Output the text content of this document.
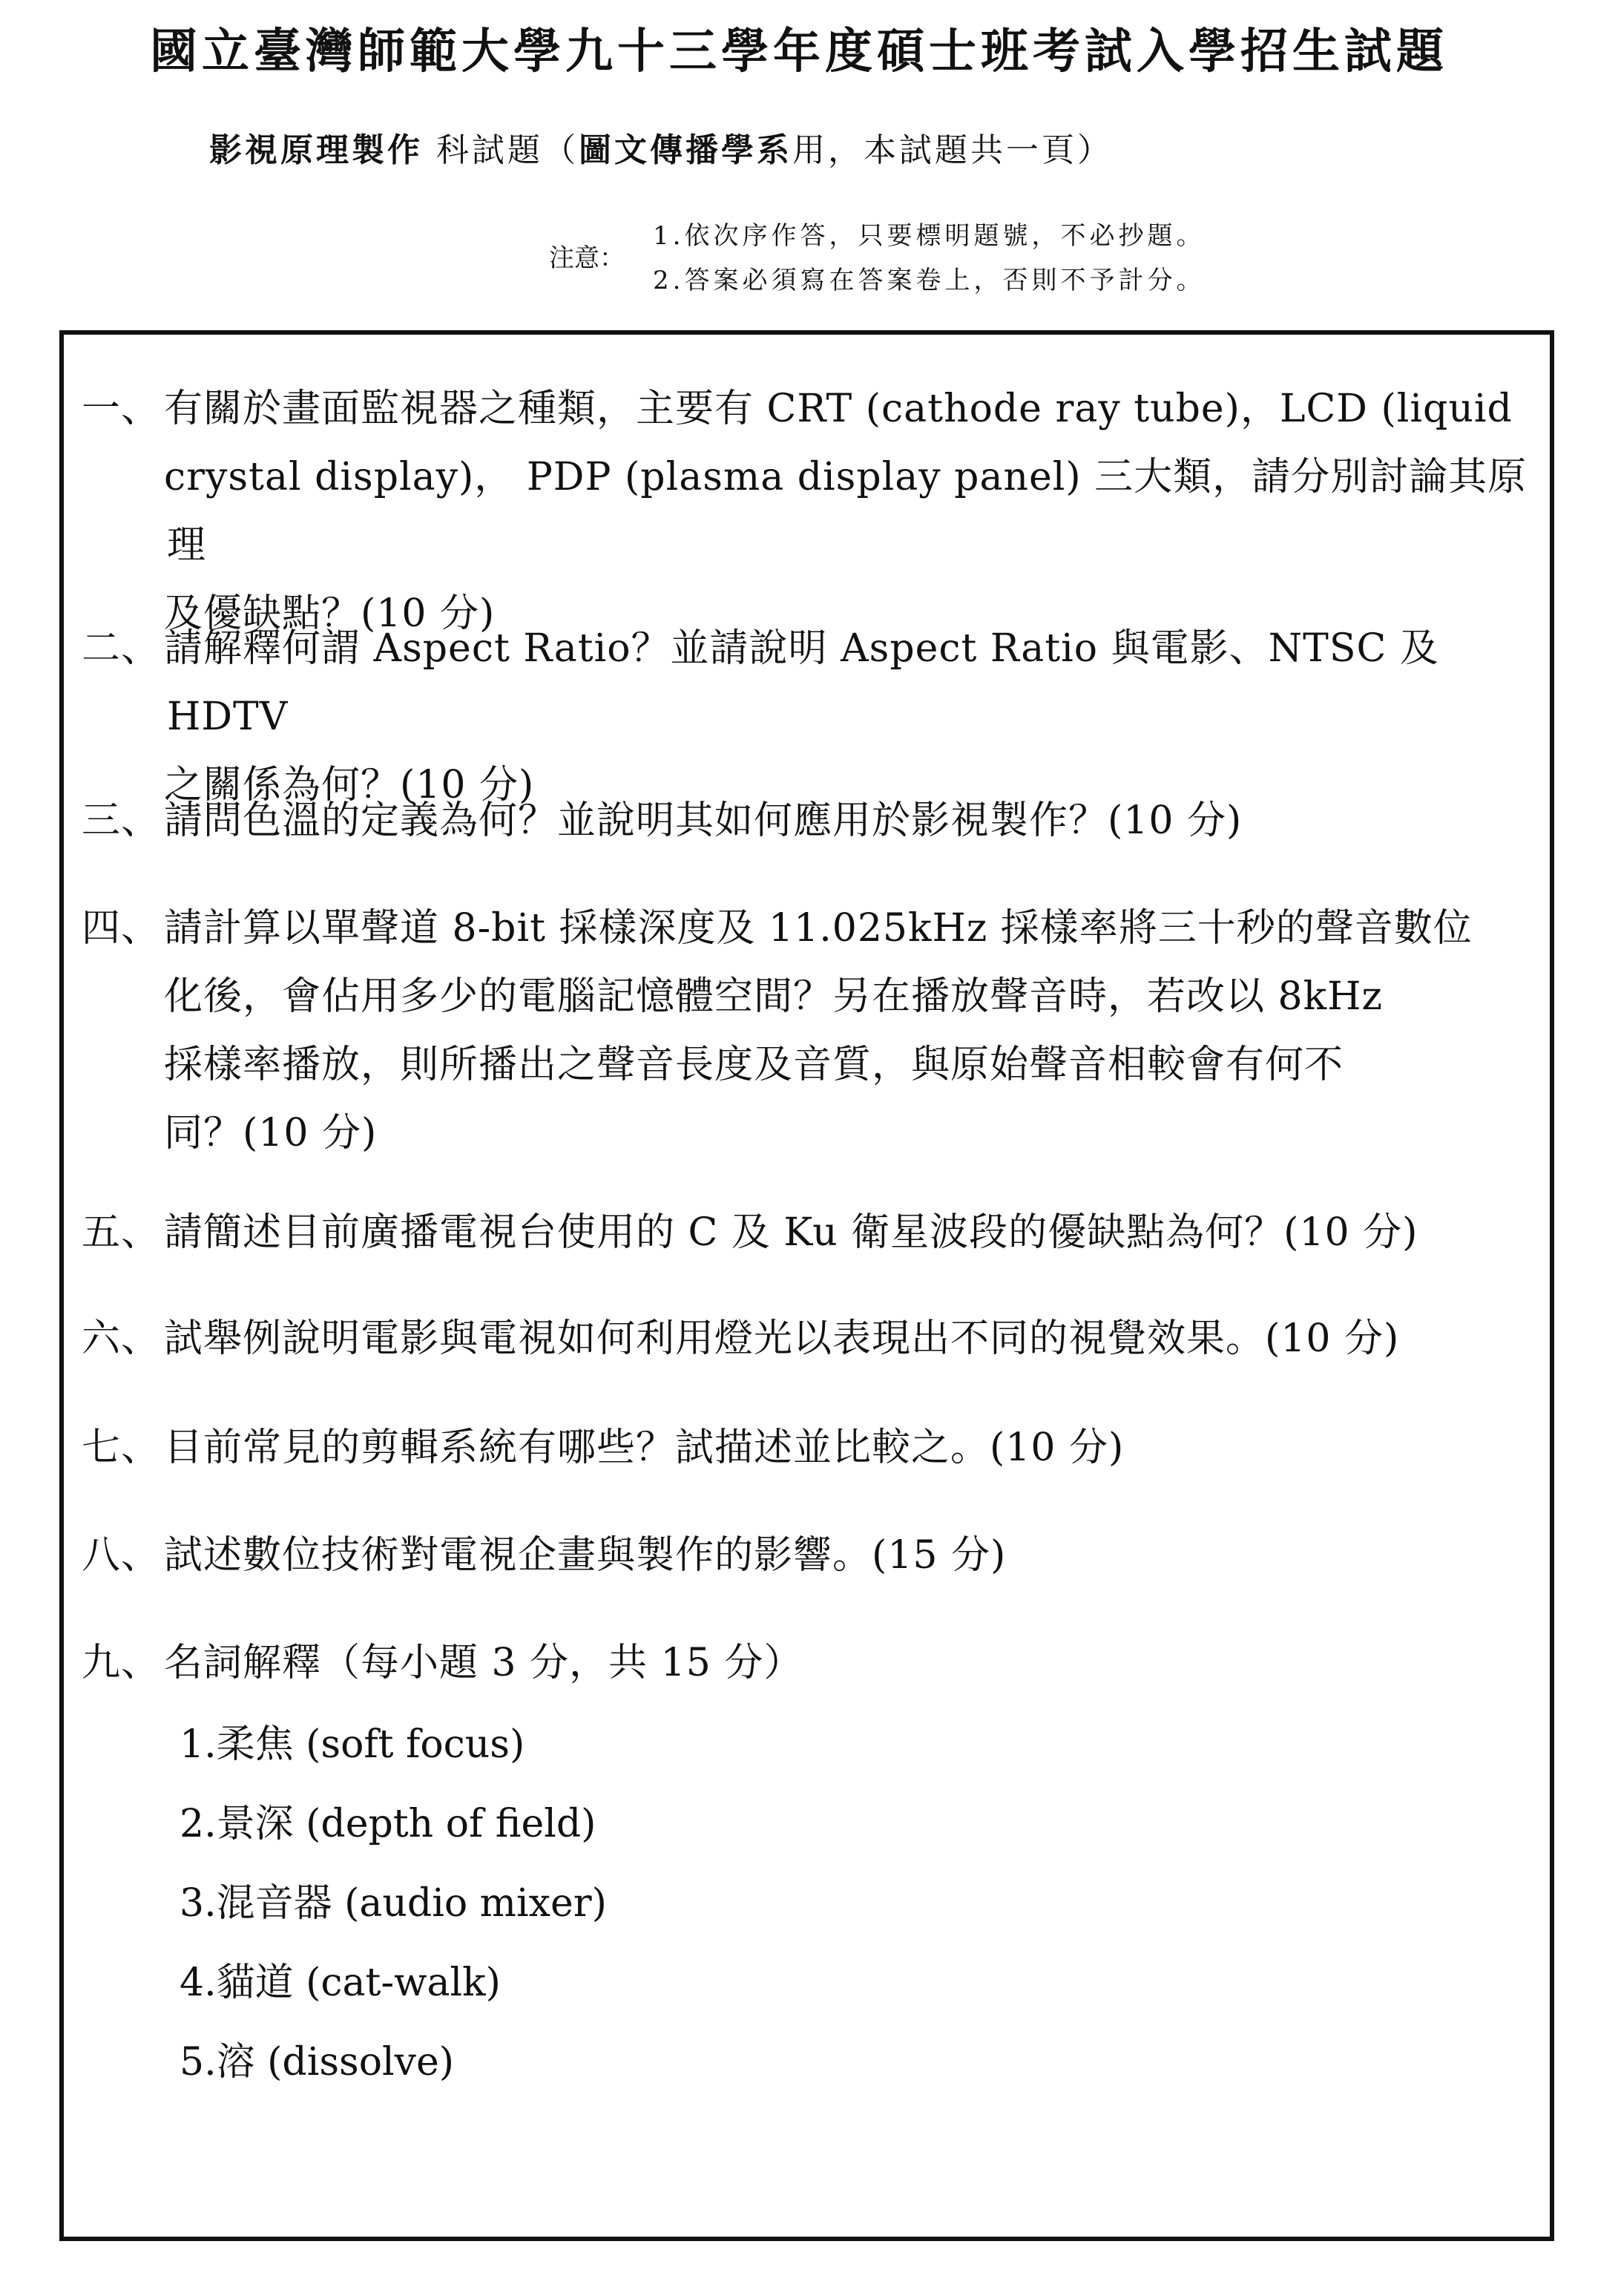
國立臺灣師範大學九十三學年度碩士班考試入學招生試題
影視原理製作 科試題（圖文傳播學系用，本試題共一頁）
注意：
1.依次序作答，只要標明題號，不必抄題。
2.答案必須寫在答案卷上，否則不予計分。
一、 有關於畫面監視器之種類，主要有 CRT (cathode ray tube)，LCD (liquid
crystal display)， PDP (plasma display panel) 三大類，請分別討論其原理
及優缺點？(10 分)
二、 請解釋何謂 Aspect Ratio？並請說明 Aspect Ratio 與電影、NTSC 及 HDTV
之關係為何？(10 分)
三、 請問色溫的定義為何？並說明其如何應用於影視製作？(10 分)
四、 請計算以單聲道 8-bit 採樣深度及 11.025kHz 採樣率將三十秒的聲音數位
化後，會佔用多少的電腦記憶體空間？另在播放聲音時，若改以 8kHz
採樣率播放，則所播出之聲音長度及音質，與原始聲音相較會有何不
同？(10 分)
五、 請簡述目前廣播電視台使用的 C 及 Ku 衛星波段的優缺點為何？(10 分)
六、 試舉例說明電影與電視如何利用燈光以表現出不同的視覺效果。(10 分)
七、 目前常見的剪輯系統有哪些？試描述並比較之。(10 分)
八、 試述數位技術對電視企畫與製作的影響。(15 分)
九、 名詞解釋（每小題 3 分，共 15 分）
1.柔焦 (soft focus)
2.景深 (depth of field)
3.混音器 (audio mixer)
4.貓道 (cat-walk)
5.溶 (dissolve)
